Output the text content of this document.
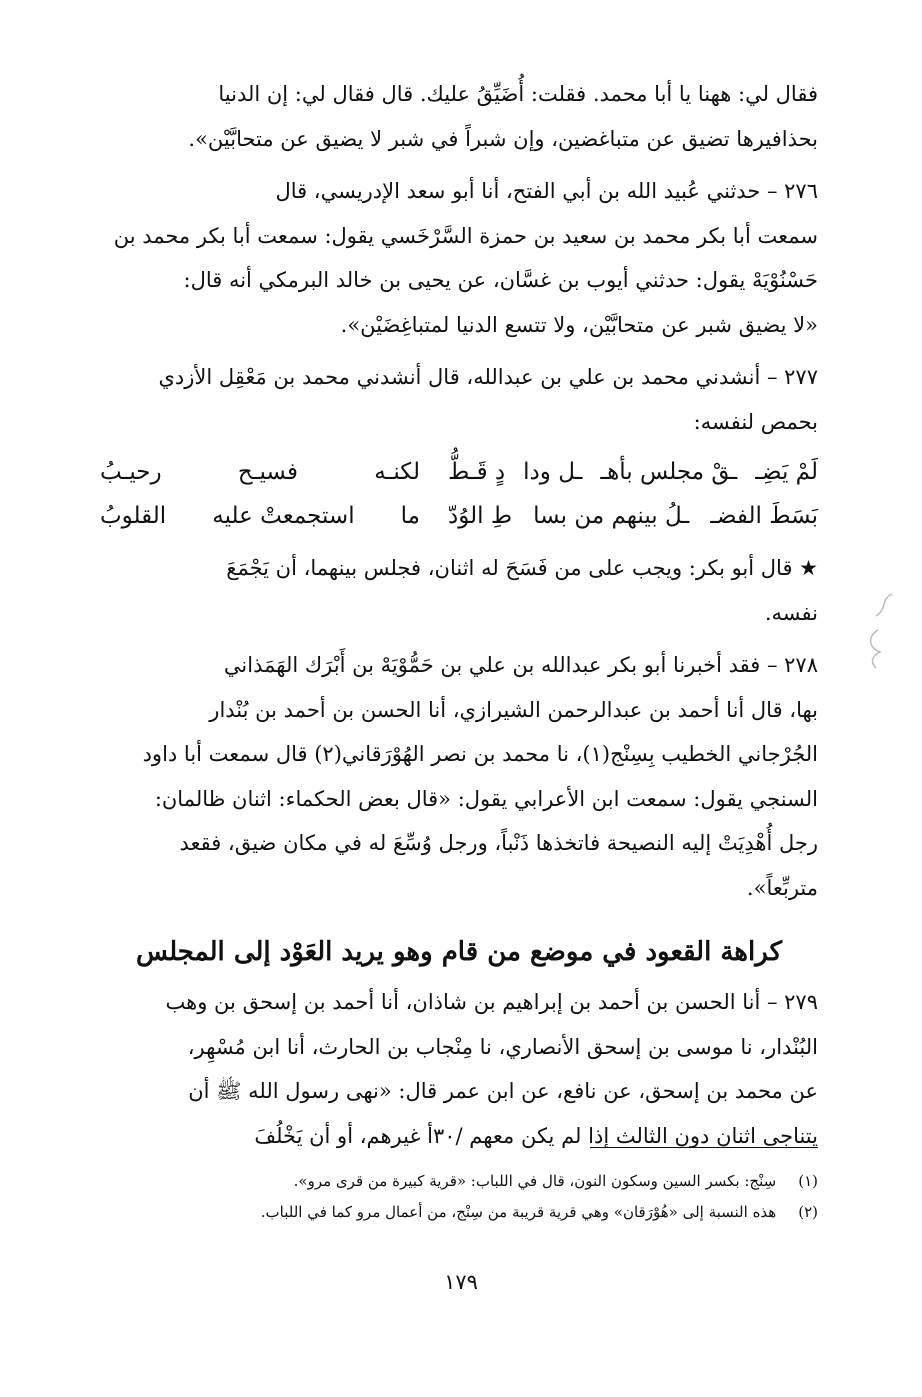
فقال لي: ههنا يا أبا محمد. فقلت: أُضَيِّقُ عليك. قال فقال لي: إن الدنيا
بحذافيرها تضيق عن متباغضين، وإن شبراً في شبر لا يضيق عن متحابَّيْن».

٢٧٦ – حدثني عُبيد الله بن أبي الفتح، أنا أبو سعد الإدريسي، قال
سمعت أبا بكر محمد بن سعيد بن حمزة السَّرْخَسي يقول: سمعت أبا بكر محمد بن
حَسْنُوْيَهْ يقول: حدثني أيوب بن غسَّان، عن يحيى بن خالد البرمكي أنه قال:
«لا يضيق شبر عن متحابَّيْن، ولا تتسع الدنيا لمتباغِضَيْن».

٢٧٧ – أنشدني محمد بن علي بن عبدالله، قال أنشدني محمد بن مَعْقِل الأزدي
بحمص لنفسه:

لَمْ يَضِـ
ـقْ مجلس بأهـ
ـل ودا
دٍ قَـطُّ
لكنـه
فسيـح
رحيـبُ
بَسَطَ الفضـ
ـلُ بينهم من بسا
طِ الوُدّ
ما
استجمعتْ عليه
القلوبُ

★ قال أبو بكر: ويجب على من فَسَحَ له اثنان، فجلس بينهما، أن يَجْمَعَ
نفسه.

٢٧٨ – فقد أخبرنا أبو بكر عبدالله بن علي بن حَمُّوْيَهْ بن أَبْرَك الهَمَذاني
بها، قال أنا أحمد بن عبدالرحمن الشيرازي، أنا الحسن بن أحمد بن بُنْدار
الجُرْجاني الخطيب بِسِنْج(١)، نا محمد بن نصر الهُوْرَقاني(٢) قال سمعت أبا داود
السنجي يقول: سمعت ابن الأعرابي يقول: «قال بعض الحكماء: اثنان ظالمان:
رجل أُهْدِيَتْ إليه النصيحة فاتخذها ذَنْباً، ورجل وُسِّعَ له في مكان ضيق، فقعد
متربِّعاً».

كراهة القعود في موضع من قام وهو يريد العَوْد إلى المجلس

٢٧٩ – أنا الحسن بن أحمد بن إبراهيم بن شاذان، أنا أحمد بن إسحق بن وهب
البُنْدار، نا موسى بن إسحق الأنصاري، نا مِنْجاب بن الحارث، أنا ابن مُسْهِر،
عن محمد بن إسحق، عن نافع، عن ابن عمر قال: «نهى رسول الله ﷺ أن
يتناجى اثنان دون الثالث إذا لم يكن معهم /٣٠أ غيرهم، أو أن يَخْلُفَ

(١)
سِنْج: بكسر السين وسكون النون، قال في اللباب: «قرية كبيرة من قرى مرو».
(٢)
هذه النسبة إلى «هُوْرَقان» وهي قرية قريبة من سِنْج، من أعمال مرو كما في اللباب.
١٧٩
